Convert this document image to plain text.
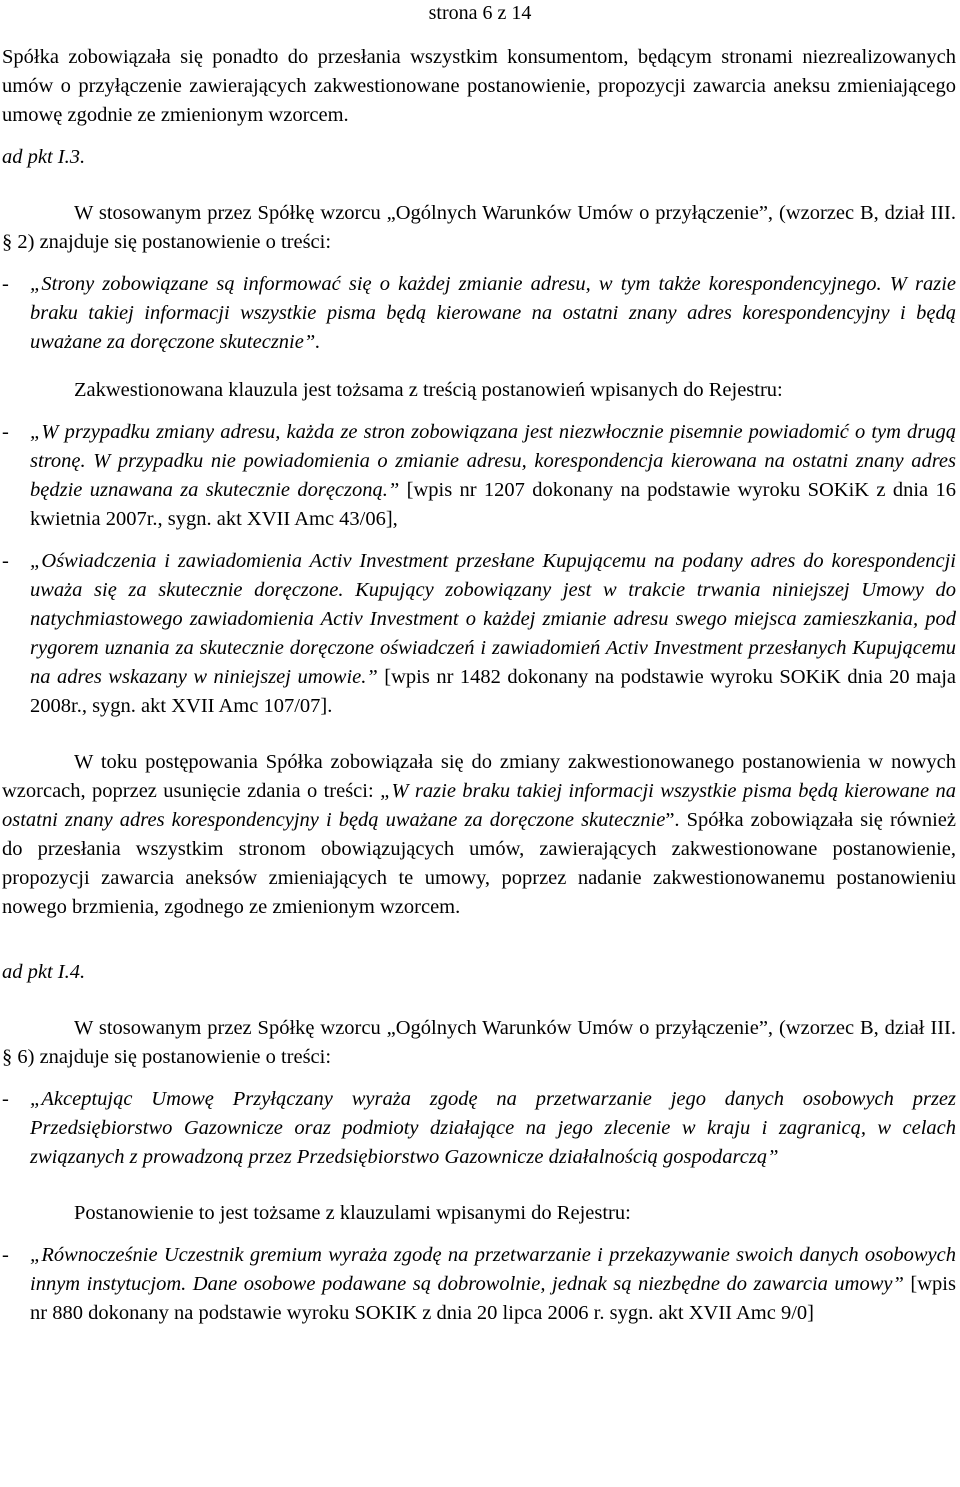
strona 6 z 14

Spółka zobowiązała się ponadto do przesłania wszystkim konsumentom, będącym stronami niezrealizowanych umów o przyłączenie zawierających zakwestionowane postanowienie, propozycji zawarcia aneksu zmieniającego umowę zgodnie ze zmienionym wzorcem.

ad pkt I.3.

W stosowanym przez Spółkę wzorcu „Ogólnych Warunków Umów o przyłączenie”, (wzorzec B, dział III. § 2) znajduje się postanowienie o treści:

-	„Strony zobowiązane są informować się o każdej zmianie adresu, w tym także korespondencyjnego. W razie braku takiej informacji wszystkie pisma będą kierowane na ostatni znany adres korespondencyjny i będą uważane za doręczone skutecznie”.

Zakwestionowana klauzula jest tożsama z treścią postanowień wpisanych do Rejestru:

-	„W przypadku zmiany adresu, każda ze stron zobowiązana jest niezwłocznie pisemnie powiadomić o tym drugą stronę. W przypadku nie powiadomienia o zmianie adresu, korespondencja kierowana na ostatni znany adres będzie uznawana za skutecznie doręczoną.” [wpis nr 1207 dokonany na podstawie wyroku SOKiK z dnia 16 kwietnia 2007r., sygn. akt XVII Amc 43/06],
-	„Oświadczenia i zawiadomienia Activ Investment przesłane Kupującemu na podany adres do korespondencji uważa się za skutecznie doręczone. Kupujący zobowiązany jest w trakcie trwania niniejszej Umowy do natychmiastowego zawiadomienia Activ Investment o każdej zmianie adresu swego miejsca zamieszkania, pod rygorem uznania za skutecznie doręczone oświadczeń i zawiadomień Activ Investment przesłanych Kupującemu na adres wskazany w niniejszej umowie.” [wpis nr 1482 dokonany na podstawie wyroku SOKiK dnia 20 maja 2008r., sygn. akt XVII Amc 107/07].

W toku postępowania Spółka zobowiązała się do zmiany zakwestionowanego postanowienia w nowych wzorcach, poprzez usunięcie zdania o treści: „W razie braku takiej informacji wszystkie pisma będą kierowane na ostatni znany adres korespondencyjny i będą uważane za doręczone skutecznie”. Spółka zobowiązała się również do przesłania wszystkim stronom obowiązujących umów, zawierających zakwestionowane postanowienie, propozycji zawarcia aneksów zmieniających te umowy, poprzez nadanie zakwestionowanemu postanowieniu nowego brzmienia, zgodnego ze zmienionym wzorcem.

ad pkt I.4.

W stosowanym przez Spółkę wzorcu „Ogólnych Warunków Umów o przyłączenie”, (wzorzec B, dział III. § 6) znajduje się postanowienie o treści:

-	„Akceptując Umowę Przyłączany wyraża zgodę na przetwarzanie jego danych osobowych przez Przedsiębiorstwo Gazownicze oraz podmioty działające na jego zlecenie w kraju i zagranicą, w celach związanych z prowadzoną przez Przedsiębiorstwo Gazownicze działalnością gospodarczą”

Postanowienie to jest tożsame z klauzulami wpisanymi do Rejestru:

-	„Równocześnie Uczestnik gremium wyraża zgodę na przetwarzanie i przekazywanie swoich danych osobowych innym instytucjom. Dane osobowe podawane są dobrowolnie, jednak są niezbędne do zawarcia umowy” [wpis nr 880 dokonany na podstawie wyroku SOKIK z dnia 20 lipca 2006 r. sygn. akt XVII Amc 9/0]
